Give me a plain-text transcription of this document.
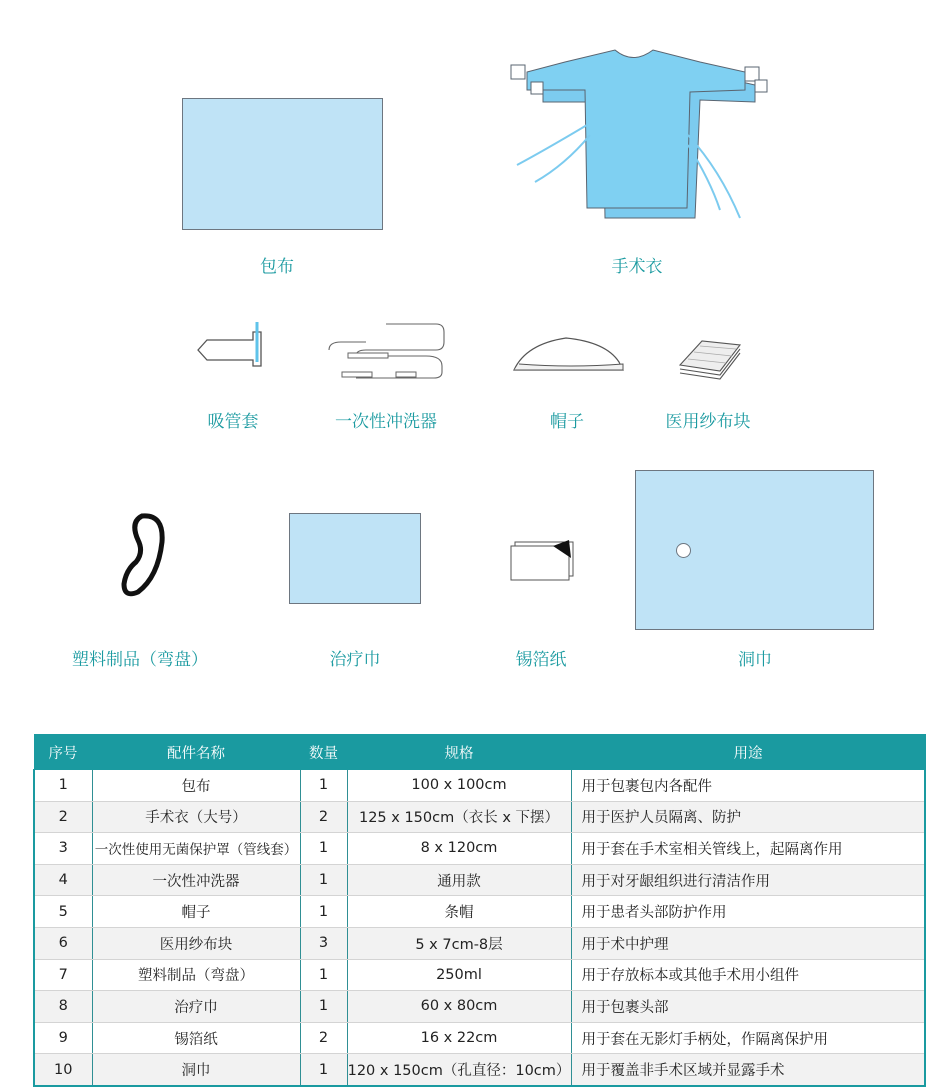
包布	手术衣
吸管套	一次性冲洗器	帽子	医用纱布块
塑料制品（弯盘）	治疗巾	锡箔纸	洞巾
序号	配件名称	数量	规格	用途
1	包布	1	100 x 100cm	用于包裹包内各配件
2	手术衣（大号）	2	125 x 150cm（衣长 x 下摆）	用于医护人员隔离、防护
3	一次性使用无菌保护罩（管线套）	1	8 x 120cm	用于套在手术室相关管线上，起隔离作用
4	一次性冲洗器	1	通用款	用于对牙龈组织进行清洁作用
5	帽子	1	条帽	用于患者头部防护作用
6	医用纱布块	3	5 x 7cm-8层	用于术中护理
7	塑料制品（弯盘）	1	250ml	用于存放标本或其他手术用小组件
8	治疗巾	1	60 x 80cm	用于包裹头部
9	锡箔纸	2	16 x 22cm	用于套在无影灯手柄处，作隔离保护用
10	洞巾	1	120 x 150cm（孔直径：10cm）	用于覆盖非手术区域并显露手术
